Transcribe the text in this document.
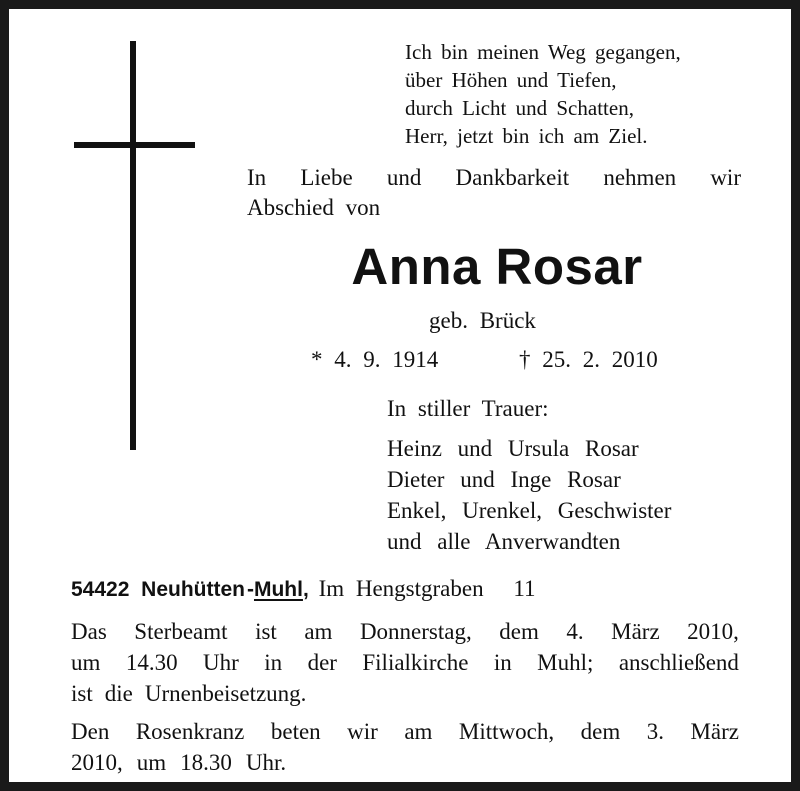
Ich bin meinen Weg gegangen,
über Höhen und Tiefen,
durch Licht und Schatten,
Herr, jetzt bin ich am Ziel.
In Liebe und Dankbarkeit nehmen wir
Abschied von
Anna Rosar
geb. Brück
* 4. 9. 1914	† 25. 2. 2010
In stiller Trauer:
Heinz und Ursula Rosar
Dieter und Inge Rosar
Enkel, Urenkel, Geschwister
und alle Anverwandten
54422 Neuhütten-Muhl, Im Hengstgraben 11
Das Sterbeamt ist am Donnerstag, dem 4. März 2010,
um 14.30 Uhr in der Filialkirche in Muhl; anschließend
ist die Urnenbeisetzung.
Den Rosenkranz beten wir am Mittwoch, dem 3. März
2010, um 18.30 Uhr.
